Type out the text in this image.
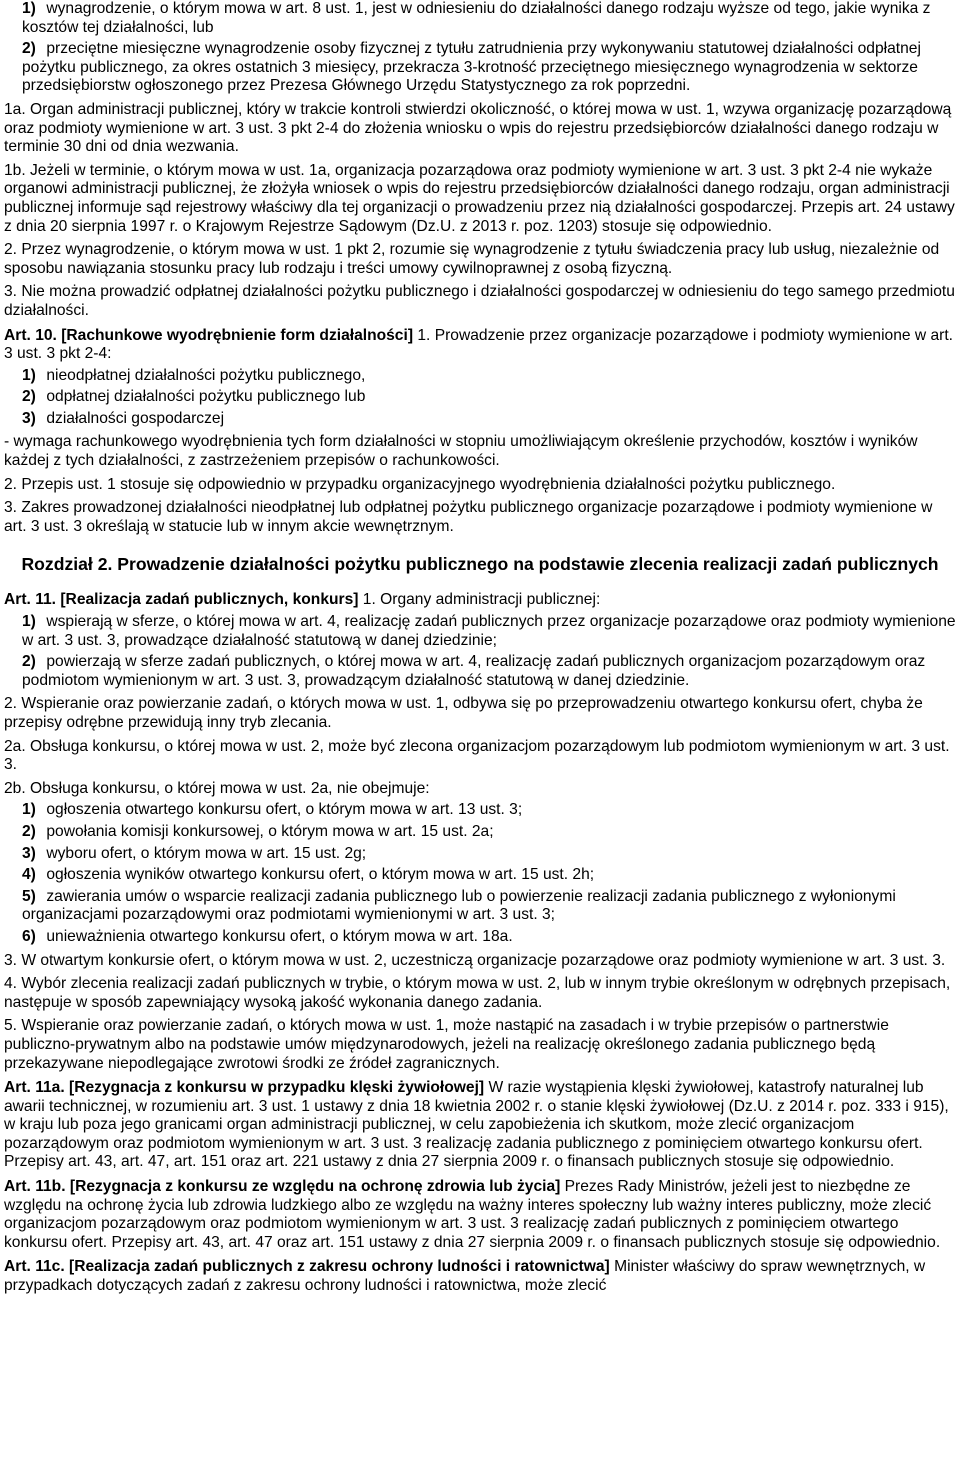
1) wynagrodzenie, o którym mowa w art. 8 ust. 1, jest w odniesieniu do działalności danego rodzaju wyższe od tego, jakie wynika z kosztów tej działalności, lub

2) przeciętne miesięczne wynagrodzenie osoby fizycznej z tytułu zatrudnienia przy wykonywaniu statutowej działalności odpłatnej pożytku publicznego, za okres ostatnich 3 miesięcy, przekracza 3-krotność przeciętnego miesięcznego wynagrodzenia w sektorze przedsiębiorstw ogłoszonego przez Prezesa Głównego Urzędu Statystycznego za rok poprzedni.

1a. Organ administracji publicznej, który w trakcie kontroli stwierdzi okoliczność, o której mowa w ust. 1, wzywa organizację pozarządową oraz podmioty wymienione w art. 3 ust. 3 pkt 2-4 do złożenia wniosku o wpis do rejestru przedsiębiorców działalności danego rodzaju w terminie 30 dni od dnia wezwania.

1b. Jeżeli w terminie, o którym mowa w ust. 1a, organizacja pozarządowa oraz podmioty wymienione w art. 3 ust. 3 pkt 2-4 nie wykaże organowi administracji publicznej, że złożyła wniosek o wpis do rejestru przedsiębiorców działalności danego rodzaju, organ administracji publicznej informuje sąd rejestrowy właściwy dla tej organizacji o prowadzeniu przez nią działalności gospodarczej. Przepis art. 24 ustawy z dnia 20 sierpnia 1997 r. o Krajowym Rejestrze Sądowym (Dz.U. z 2013 r. poz. 1203) stosuje się odpowiednio.

2. Przez wynagrodzenie, o którym mowa w ust. 1 pkt 2, rozumie się wynagrodzenie z tytułu świadczenia pracy lub usług, niezależnie od sposobu nawiązania stosunku pracy lub rodzaju i treści umowy cywilnoprawnej z osobą fizyczną.

3. Nie można prowadzić odpłatnej działalności pożytku publicznego i działalności gospodarczej w odniesieniu do tego samego przedmiotu działalności.

Art. 10. [Rachunkowe wyodrębnienie form działalności] 1. Prowadzenie przez organizacje pozarządowe i podmioty wymienione w art. 3 ust. 3 pkt 2-4:

1) nieodpłatnej działalności pożytku publicznego,

2) odpłatnej działalności pożytku publicznego lub

3) działalności gospodarczej

- wymaga rachunkowego wyodrębnienia tych form działalności w stopniu umożliwiającym określenie przychodów, kosztów i wyników każdej z tych działalności, z zastrzeżeniem przepisów o rachunkowości.

2. Przepis ust. 1 stosuje się odpowiednio w przypadku organizacyjnego wyodrębnienia działalności pożytku publicznego.

3. Zakres prowadzonej działalności nieodpłatnej lub odpłatnej pożytku publicznego organizacje pozarządowe i podmioty wymienione w art. 3 ust. 3 określają w statucie lub w innym akcie wewnętrznym.

Rozdział 2. Prowadzenie działalności pożytku publicznego na podstawie zlecenia realizacji zadań publicznych

Art. 11. [Realizacja zadań publicznych, konkurs] 1. Organy administracji publicznej:

1) wspierają w sferze, o której mowa w art. 4, realizację zadań publicznych przez organizacje pozarządowe oraz podmioty wymienione w art. 3 ust. 3, prowadzące działalność statutową w danej dziedzinie;

2) powierzają w sferze zadań publicznych, o której mowa w art. 4, realizację zadań publicznych organizacjom pozarządowym oraz podmiotom wymienionym w art. 3 ust. 3, prowadzącym działalność statutową w danej dziedzinie.

2. Wspieranie oraz powierzanie zadań, o których mowa w ust. 1, odbywa się po przeprowadzeniu otwartego konkursu ofert, chyba że przepisy odrębne przewidują inny tryb zlecania.

2a. Obsługa konkursu, o której mowa w ust. 2, może być zlecona organizacjom pozarządowym lub podmiotom wymienionym w art. 3 ust. 3.

2b. Obsługa konkursu, o której mowa w ust. 2a, nie obejmuje:

1) ogłoszenia otwartego konkursu ofert, o którym mowa w art. 13 ust. 3;

2) powołania komisji konkursowej, o którym mowa w art. 15 ust. 2a;

3) wyboru ofert, o którym mowa w art. 15 ust. 2g;

4) ogłoszenia wyników otwartego konkursu ofert, o którym mowa w art. 15 ust. 2h;

5) zawierania umów o wsparcie realizacji zadania publicznego lub o powierzenie realizacji zadania publicznego z wyłonionymi organizacjami pozarządowymi oraz podmiotami wymienionymi w art. 3 ust. 3;

6) unieważnienia otwartego konkursu ofert, o którym mowa w art. 18a.

3. W otwartym konkursie ofert, o którym mowa w ust. 2, uczestniczą organizacje pozarządowe oraz podmioty wymienione w art. 3 ust. 3.

4. Wybór zlecenia realizacji zadań publicznych w trybie, o którym mowa w ust. 2, lub w innym trybie określonym w odrębnych przepisach, następuje w sposób zapewniający wysoką jakość wykonania danego zadania.

5. Wspieranie oraz powierzanie zadań, o których mowa w ust. 1, może nastąpić na zasadach i w trybie przepisów o partnerstwie publiczno-prywatnym albo na podstawie umów międzynarodowych, jeżeli na realizację określonego zadania publicznego będą przekazywane niepodlegające zwrotowi środki ze źródeł zagranicznych.

Art. 11a. [Rezygnacja z konkursu w przypadku klęski żywiołowej] W razie wystąpienia klęski żywiołowej, katastrofy naturalnej lub awarii technicznej, w rozumieniu art. 3 ust. 1 ustawy z dnia 18 kwietnia 2002 r. o stanie klęski żywiołowej (Dz.U. z 2014 r. poz. 333 i 915), w kraju lub poza jego granicami organ administracji publicznej, w celu zapobieżenia ich skutkom, może zlecić organizacjom pozarządowym oraz podmiotom wymienionym w art. 3 ust. 3 realizację zadania publicznego z pominięciem otwartego konkursu ofert. Przepisy art. 43, art. 47, art. 151 oraz art. 221 ustawy z dnia 27 sierpnia 2009 r. o finansach publicznych stosuje się odpowiednio.

Art. 11b. [Rezygnacja z konkursu ze względu na ochronę zdrowia lub życia] Prezes Rady Ministrów, jeżeli jest to niezbędne ze względu na ochronę życia lub zdrowia ludzkiego albo ze względu na ważny interes społeczny lub ważny interes publiczny, może zlecić organizacjom pozarządowym oraz podmiotom wymienionym w art. 3 ust. 3 realizację zadań publicznych z pominięciem otwartego konkursu ofert. Przepisy art. 43, art. 47 oraz art. 151 ustawy z dnia 27 sierpnia 2009 r. o finansach publicznych stosuje się odpowiednio.

Art. 11c. [Realizacja zadań publicznych z zakresu ochrony ludności i ratownictwa] Minister właściwy do spraw wewnętrznych, w przypadkach dotyczących zadań z zakresu ochrony ludności i ratownictwa, może zlecić
